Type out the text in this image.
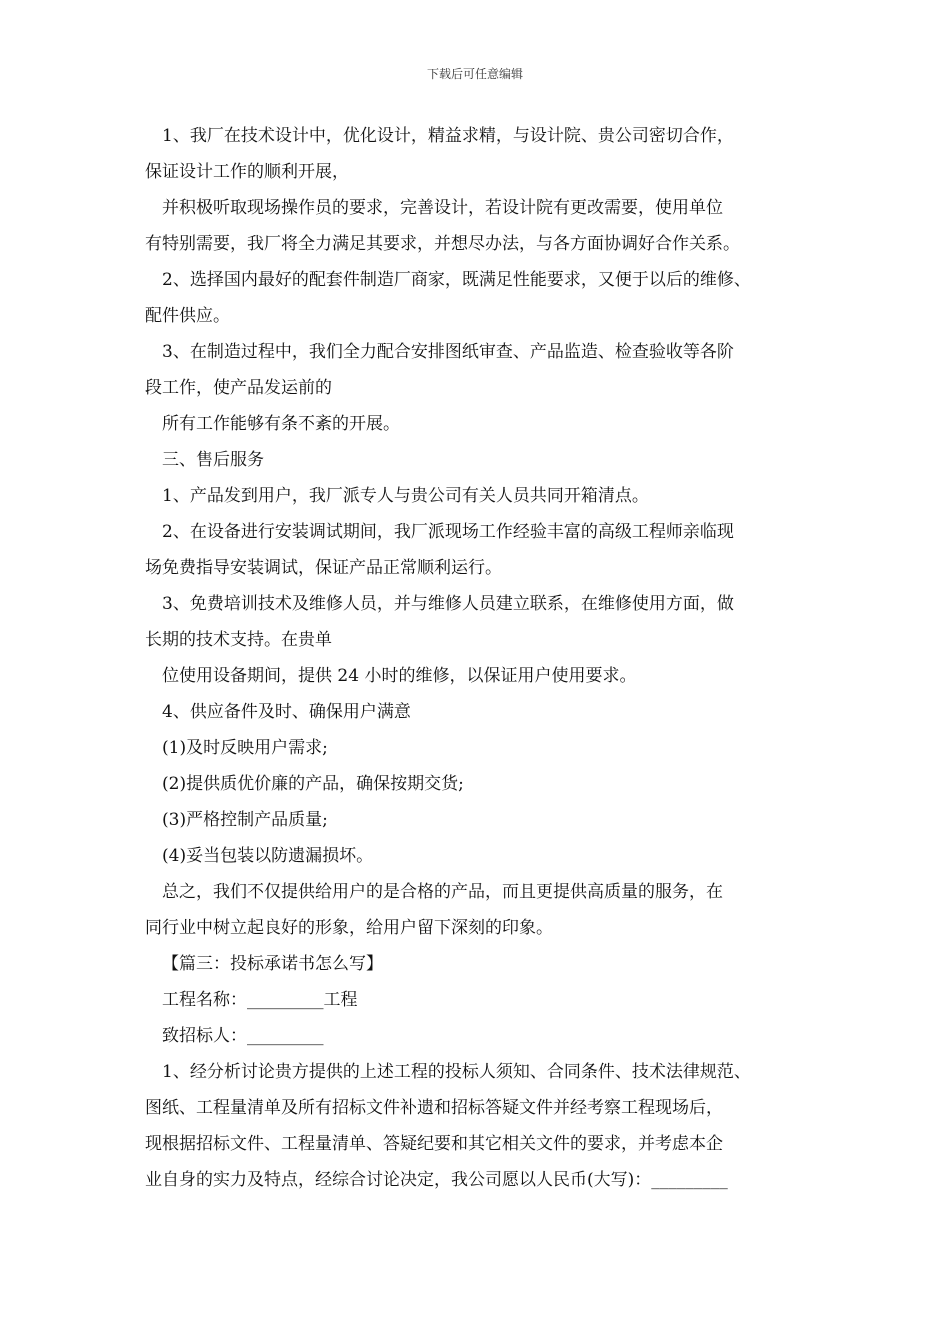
下载后可任意编辑
1、我厂在技术设计中，优化设计，精益求精，与设计院、贵公司密切合作，
保证设计工作的顺利开展，
并积极听取现场操作员的要求，完善设计，若设计院有更改需要，使用单位
有特别需要，我厂将全力满足其要求，并想尽办法，与各方面协调好合作关系。
2、选择国内最好的配套件制造厂商家，既满足性能要求，又便于以后的维修、
配件供应。
3、在制造过程中，我们全力配合安排图纸审查、产品监造、检查验收等各阶
段工作，使产品发运前的
所有工作能够有条不紊的开展。
三、售后服务
1、产品发到用户，我厂派专人与贵公司有关人员共同开箱清点。
2、在设备进行安装调试期间，我厂派现场工作经验丰富的高级工程师亲临现
场免费指导安装调试，保证产品正常顺利运行。
3、免费培训技术及维修人员，并与维修人员建立联系，在维修使用方面，做
长期的技术支持。在贵单
位使用设备期间，提供 24 小时的维修，以保证用户使用要求。
4、供应备件及时、确保用户满意
(1)及时反映用户需求;
(2)提供质优价廉的产品，确保按期交货;
(3)严格控制产品质量;
(4)妥当包装以防遗漏损坏。
总之，我们不仅提供给用户的是合格的产品，而且更提供高质量的服务，在
同行业中树立起良好的形象，给用户留下深刻的印象。
【篇三：投标承诺书怎么写】
工程名称：_________工程
致招标人：_________
1、经分析讨论贵方提供的上述工程的投标人须知、合同条件、技术法律规范、
图纸、工程量清单及所有招标文件补遗和招标答疑文件并经考察工程现场后，
现根据招标文件、工程量清单、答疑纪要和其它相关文件的要求，并考虑本企
业自身的实力及特点，经综合讨论决定，我公司愿以人民币(大写)：_________
